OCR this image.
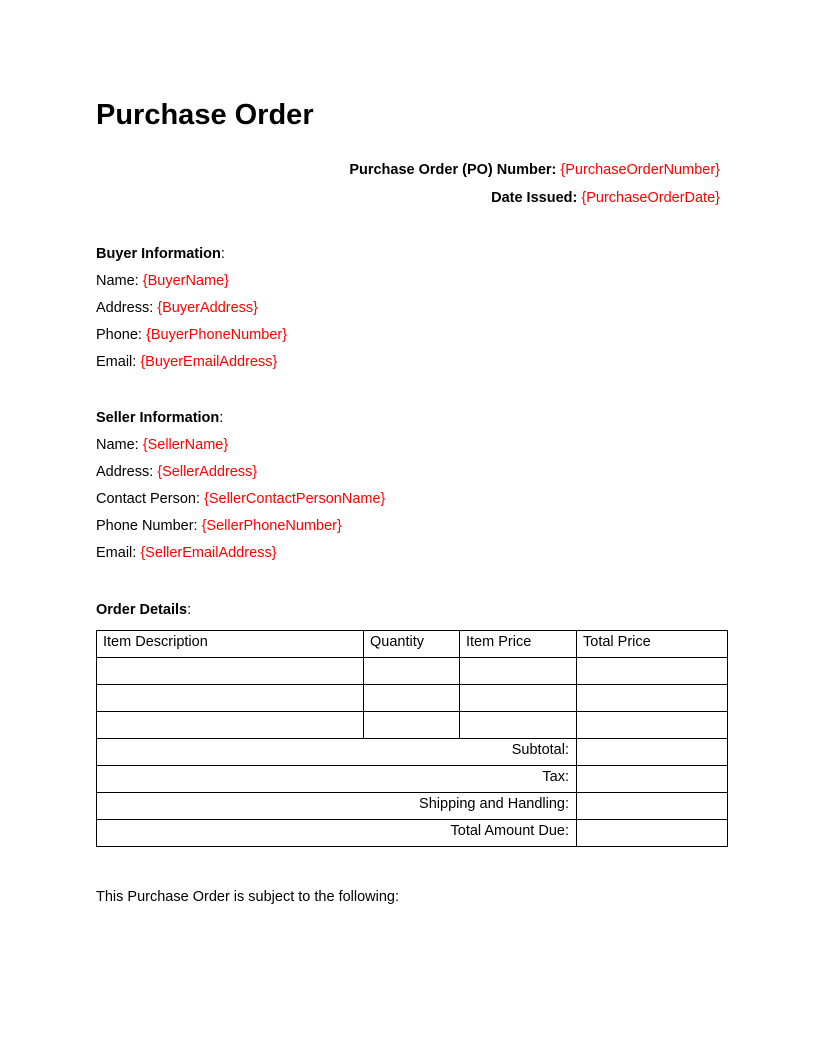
Purchase Order
Purchase Order (PO) Number: {PurchaseOrderNumber}
Date Issued: {PurchaseOrderDate}
Buyer Information:
Name: {BuyerName}
Address: {BuyerAddress}
Phone: {BuyerPhoneNumber}
Email: {BuyerEmailAddress}
Seller Information:
Name: {SellerName}
Address: {SellerAddress}
Contact Person: {SellerContactPersonName}
Phone Number: {SellerPhoneNumber}
Email: {SellerEmailAddress}
Order Details:
Item Description	Quantity	Item Price	Total Price

Subtotal:			
Tax:			
Shipping and Handling:			
Total Amount Due:			
This Purchase Order is subject to the following:
